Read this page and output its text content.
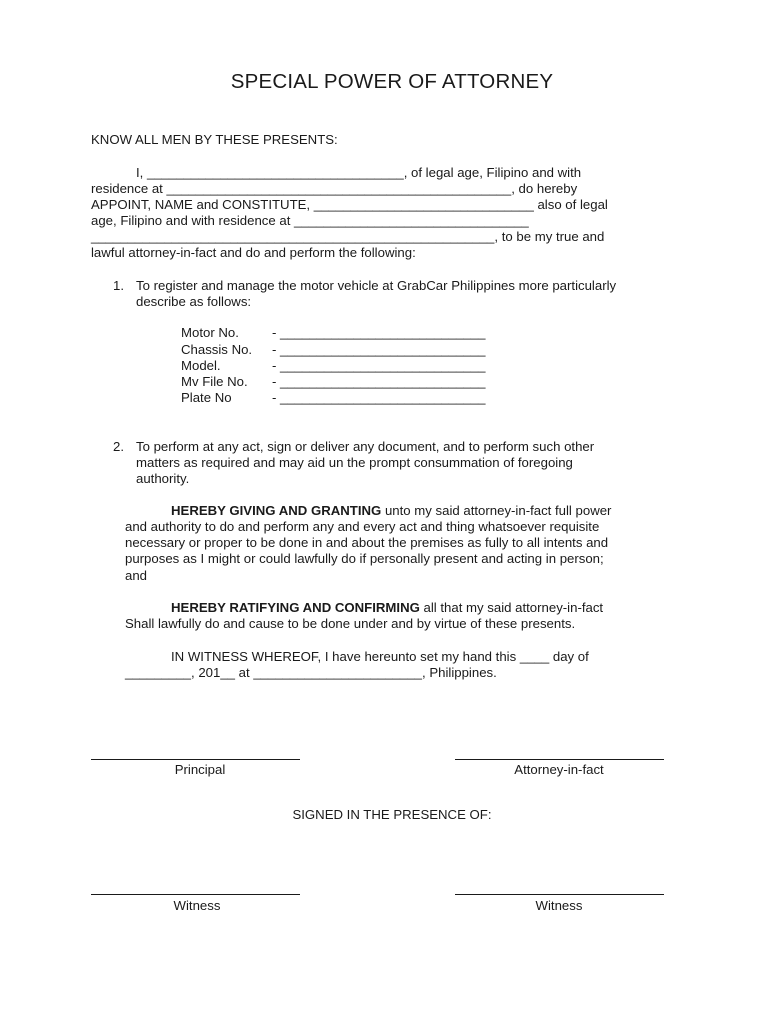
SPECIAL POWER OF ATTORNEY
KNOW ALL MEN BY THESE PRESENTS:
I, ___________________________________, of legal age, Filipino and with
residence at _______________________________________________, do hereby
APPOINT, NAME and CONSTITUTE, ______________________________ also of legal
age, Filipino and with residence at ________________________________
_______________________________________________________, to be my true and
lawful attorney-in-fact and do and perform the following:
1. To register and manage the motor vehicle at GrabCar Philippines more particularly
describe as follows:
Motor No.	- ____________________________
Chassis No. - ____________________________
Model.	- ____________________________
Mv File No. - ____________________________
Plate No	- ____________________________
2. To perform at any act, sign or deliver any document, and to perform such other
matters as required and may aid un the prompt consummation of foregoing
authority.
HEREBY GIVING AND GRANTING unto my said attorney-in-fact full power
and authority to do and perform any and every act and thing whatsoever requisite
necessary or proper to be done in and about the premises as fully to all intents and
purposes as I might or could lawfully do if personally present and acting in person;
and
HEREBY RATIFYING AND CONFIRMING all that my said attorney-in-fact
Shall lawfully do and cause to be done under and by virtue of these presents.
IN WITNESS WHEREOF, I have hereunto set my hand this ____ day of
_________, 201__ at _______________________, Philippines.
Principal	Attorney-in-fact
SIGNED IN THE PRESENCE OF:
Witness	Witness
